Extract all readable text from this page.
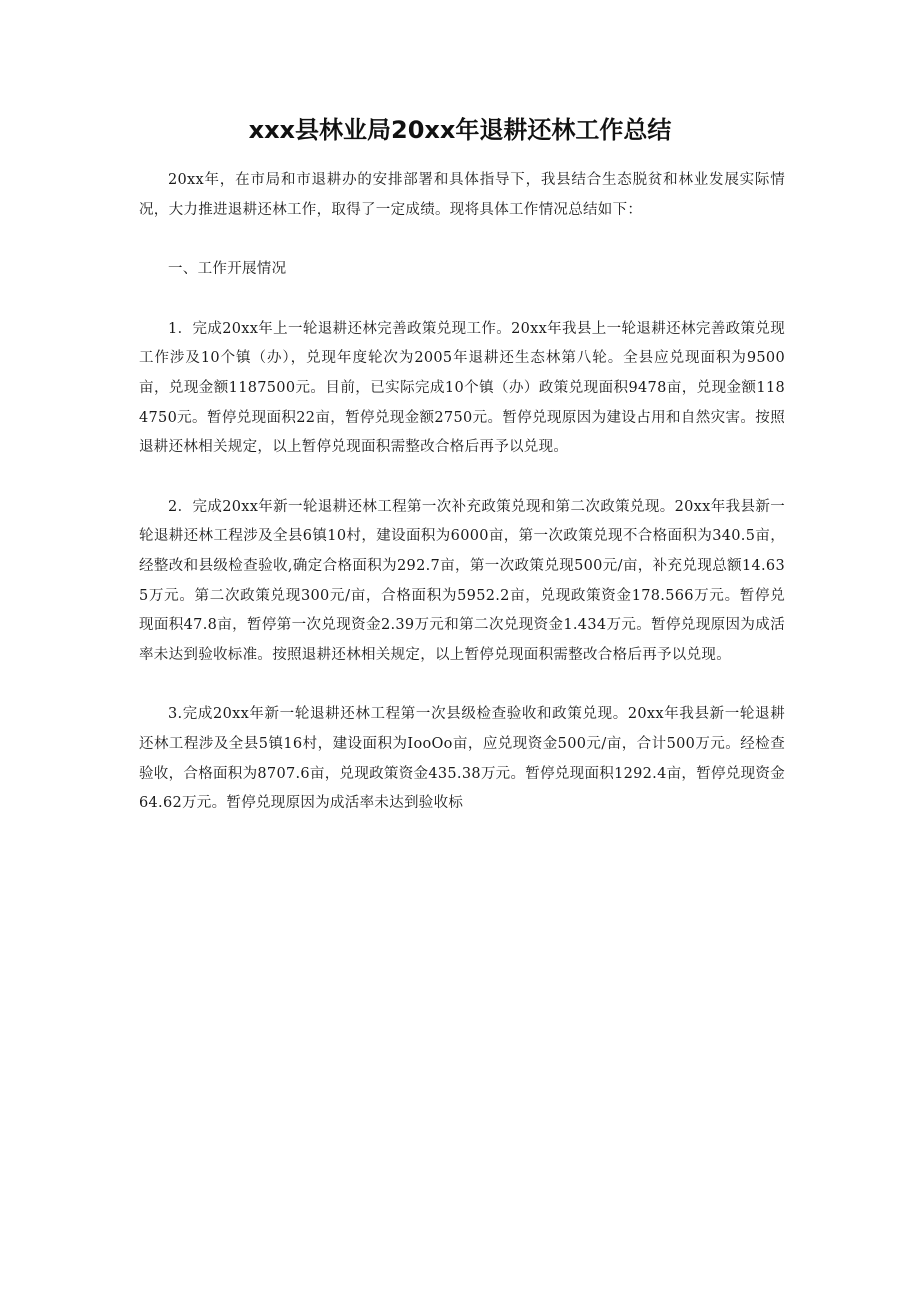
xxx县林业局20xx年退耕还林工作总结

20xx年，在市局和市退耕办的安排部署和具体指导下，我县结合生态脱贫和林业发展实际情况，大力推进退耕还林工作，取得了一定成绩。现将具体工作情况总结如下：

一、工作开展情况

1．完成20xx年上一轮退耕还林完善政策兑现工作。20xx年我县上一轮退耕还林完善政策兑现工作涉及10个镇（办），兑现年度轮次为2005年退耕还生态林第八轮。全县应兑现面积为9500亩，兑现金额1187500元。目前，已实际完成10个镇（办）政策兑现面积9478亩，兑现金额1184750元。暂停兑现面积22亩，暂停兑现金额2750元。暂停兑现原因为建设占用和自然灾害。按照退耕还林相关规定，以上暂停兑现面积需整改合格后再予以兑现。

2．完成20xx年新一轮退耕还林工程第一次补充政策兑现和第二次政策兑现。20xx年我县新一轮退耕还林工程涉及全县6镇10村，建设面积为6000亩，第一次政策兑现不合格面积为340.5亩，经整改和县级检查验收,确定合格面积为292.7亩，第一次政策兑现500元/亩，补充兑现总额14.635万元。第二次政策兑现300元/亩，合格面积为5952.2亩，兑现政策资金178.566万元。暂停兑现面积47.8亩，暂停第一次兑现资金2.39万元和第二次兑现资金1.434万元。暂停兑现原因为成活率未达到验收标准。按照退耕还林相关规定，以上暂停兑现面积需整改合格后再予以兑现。

3.完成20xx年新一轮退耕还林工程第一次县级检查验收和政策兑现。20xx年我县新一轮退耕还林工程涉及全县5镇16村，建设面积为IooOo亩，应兑现资金500元/亩，合计500万元。经检查验收，合格面积为8707.6亩，兑现政策资金435.38万元。暂停兑现面积1292.4亩，暂停兑现资金64.62万元。暂停兑现原因为成活率未达到验收标
